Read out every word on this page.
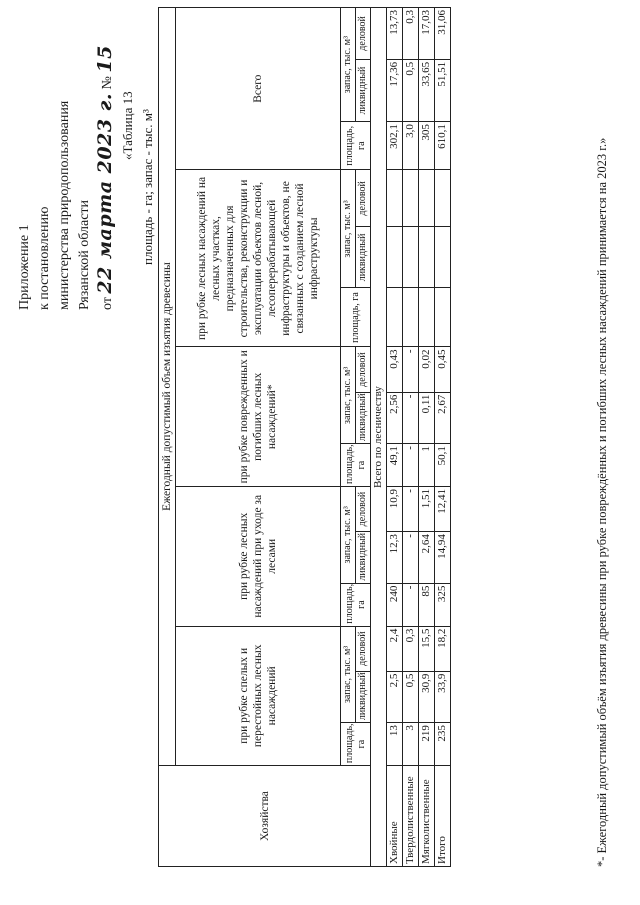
Приложение 1 к постановлению министерства природопользования Рязанской области от 22 марта 2023 г. № 15
«Таблица 13 площадь - га; запас - тыс. м³
Хозяйства	Ежегодный допустимый объем изъятия древесины														
	при рубке спелых и перестойных лесных насаждений			при рубке лесных насаждений при уходе за лесами			при рубке поврежденных и погибших лесных насаждений*			при рубке лесных насаждений на лесных участках, предназначенных для строительства, реконструкции и эксплуатации объектов лесной, лесоперерабатывающей инфраструктуры и объектов, не связанных с созданием лесной инфраструктуры			Всего		
	площадь, га	запас, тыс. м³		площадь, га	запас, тыс. м³		площадь, га	запас, тыс. м³		площадь, га	запас, тыс. м³		площадь, га	запас, тыс. м³	
		ликвидный	деловой		ликвидный	деловой		ликвидный	деловой		ликвидный	деловой		ликвидный	деловой
Всего по лесничеству															
Хвойные	13	2,5	2,4	240	12,3	10,9	49,1	2,56	0,43				302,1	17,36	13,73
Твердолиственные	3	0,5	0,3	-	-	-	-	-	-				3,0	0,5	0,3
Мягколиственные	219	30,9	15,5	85	2,64	1,51	1	0,11	0,02				305	33,65	17,03
Итого	235	33,9	18,2	325	14,94	12,41	50,1	2,67	0,45				610,1	51,51	31,06
*- Ежегодный допустимый объём изъятия древесины при рубке повреждённых и погибших лесных насаждений принимается на 2023 г.»
